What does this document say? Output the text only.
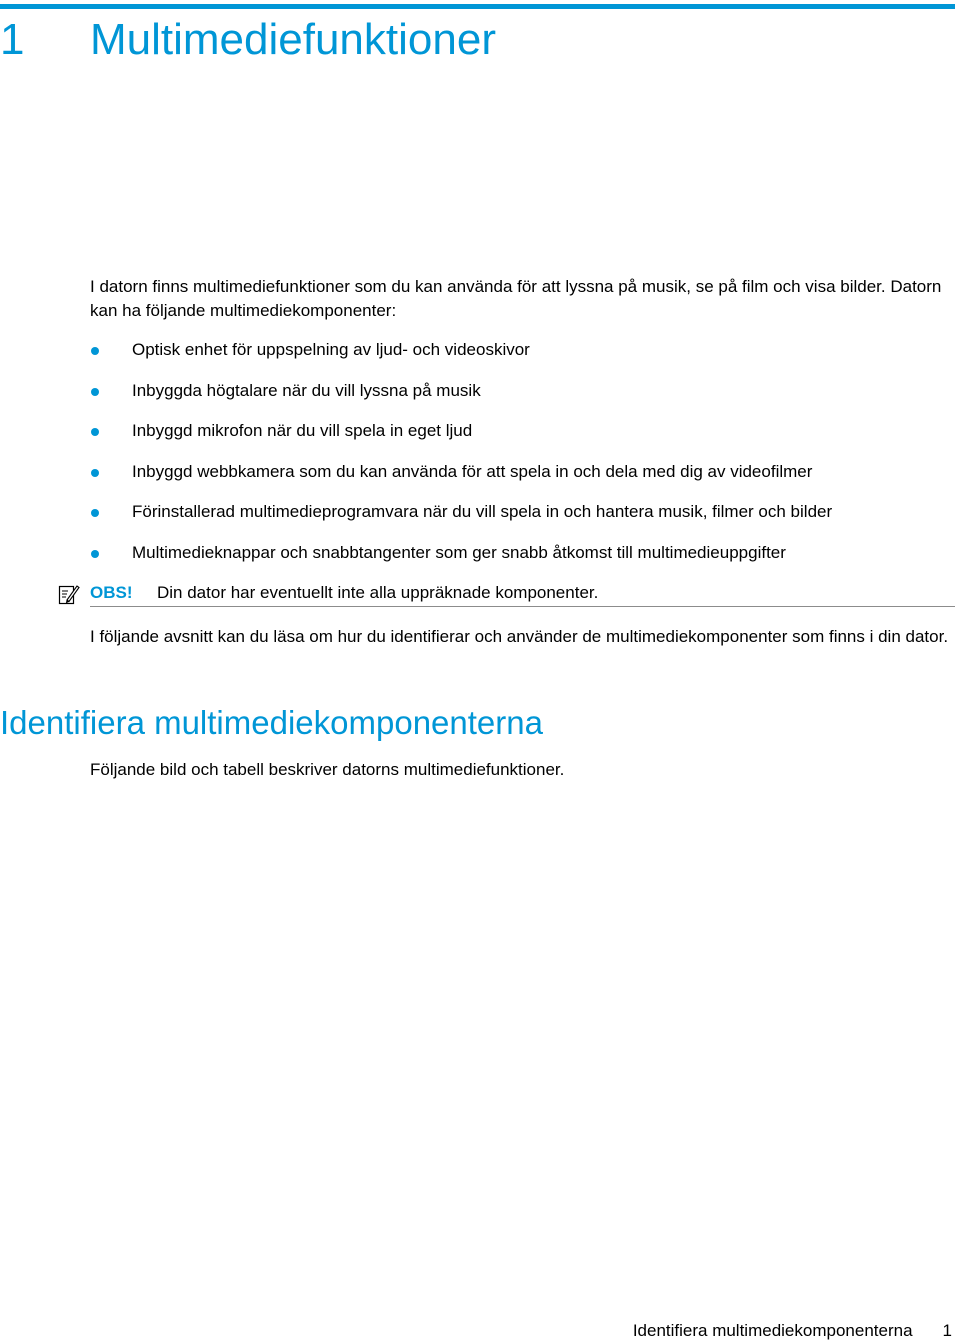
1 Multimediefunktioner

I datorn finns multimediefunktioner som du kan använda för att lyssna på musik, se på film och visa bilder. Datorn kan ha följande multimediekomponenter:

Optisk enhet för uppspelning av ljud- och videoskivor
Inbyggda högtalare när du vill lyssna på musik
Inbyggd mikrofon när du vill spela in eget ljud
Inbyggd webbkamera som du kan använda för att spela in och dela med dig av videofilmer
Förinstallerad multimedieprogramvara när du vill spela in och hantera musik, filmer och bilder
Multimedieknappar och snabbtangenter som ger snabb åtkomst till multimedieuppgifter
OBS! Din dator har eventuellt inte alla uppräknade komponenter.

I följande avsnitt kan du läsa om hur du identifierar och använder de multimediekomponenter som finns i din dator.

Identifiera multimediekomponenterna

Följande bild och tabell beskriver datorns multimediefunktioner.

Identifiera multimediekomponenterna 1
